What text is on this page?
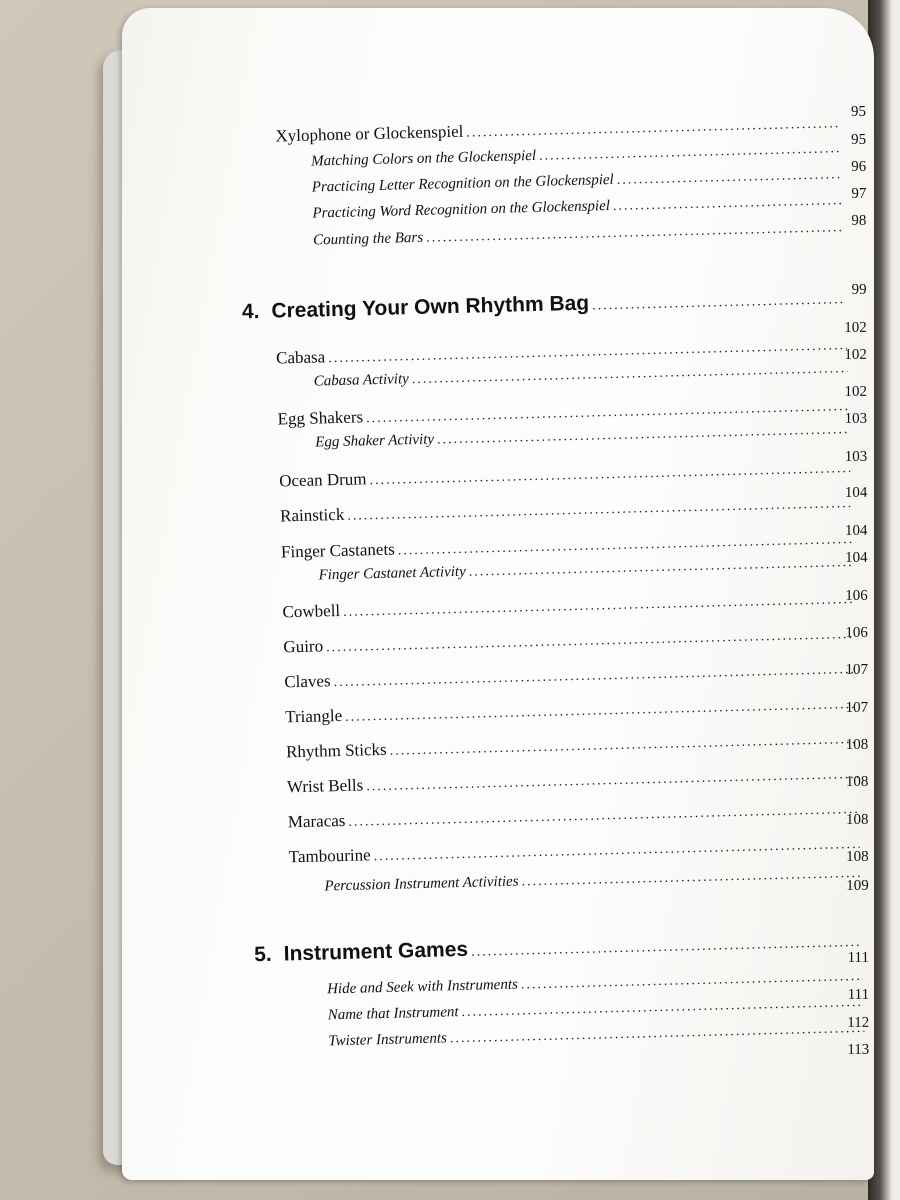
Xylophone or Glockenspiel
.....
Matching Colors on the Glockenspiel
.....
Practicing Letter Recognition on the Glockenspiel
.....
Practicing Word Recognition on the Glockenspiel
.....
Counting the Bars
.....
4. Creating Your Own Rhythm Bag
.....
Cabasa
.....
Cabasa Activity
.....
Egg Shakers
.....
Egg Shaker Activity
.....
Ocean Drum
.....
Rainstick
.....
Finger Castanets
.....
Finger Castanet Activity
.....
Cowbell
.....
Guiro
.....
Claves
.....
Triangle
.....
Rhythm Sticks
.....
Wrist Bells
.....
Maracas
.....
Tambourine
.....
Percussion Instrument Activities
.....
5. Instrument Games
.....
Hide and Seek with Instruments
.....
Name that Instrument
.....
Twister Instruments
.....
95
95
96
97
98
99
102
102
102
103
103
104
104
104
106
106
107
107
108
108
108
108
109
111
111
112
113
